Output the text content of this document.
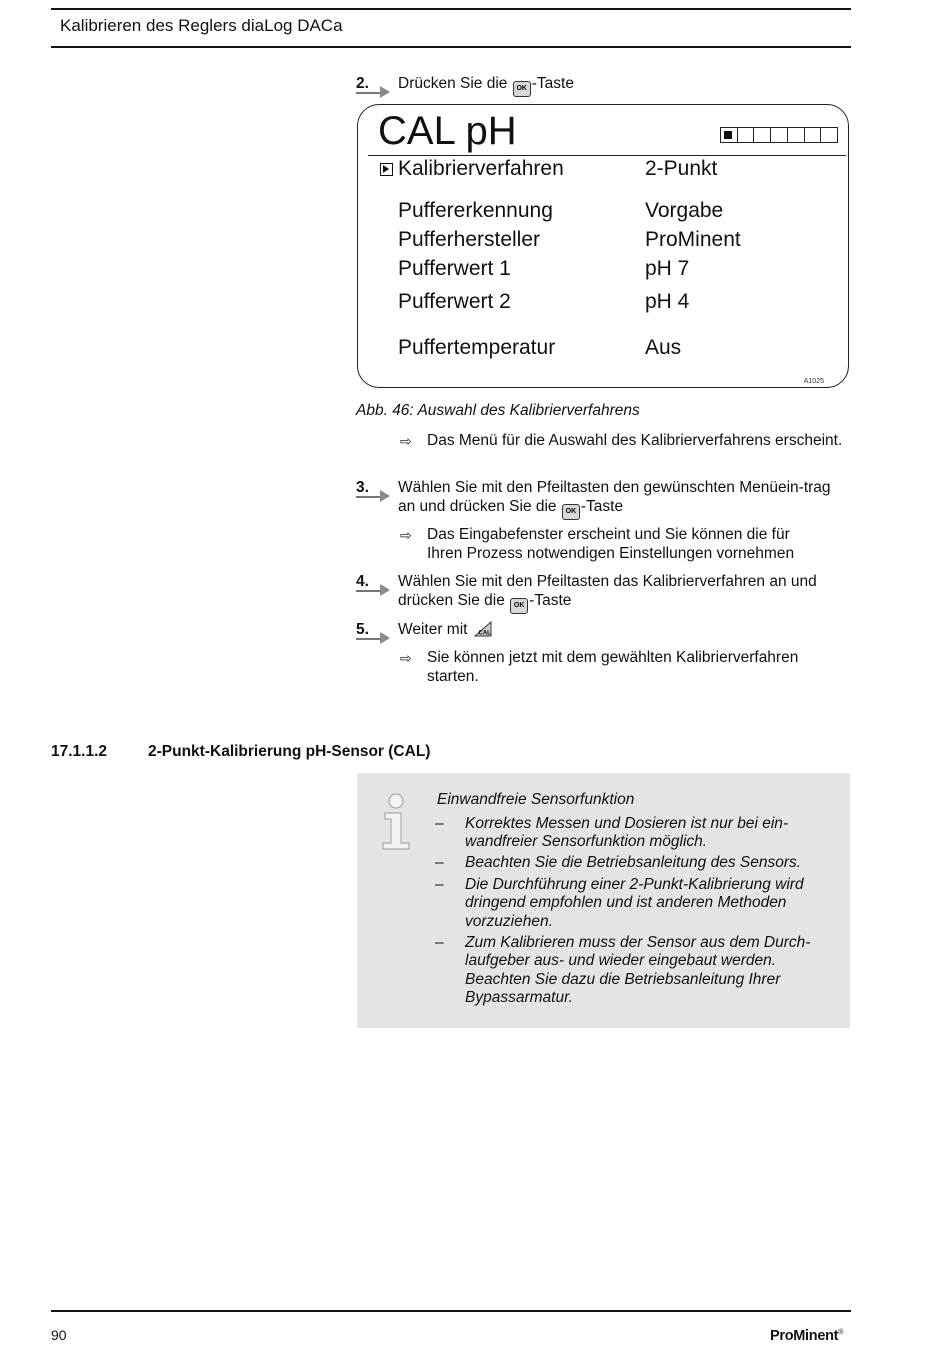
Kalibrieren des Reglers diaLog DACa
2. Drücken Sie die OK -Taste
CAL pH
Kalibrierverfahren	2-Punkt
Puffererkennung	Vorgabe
Pufferhersteller	ProMinent
Pufferwert 1	pH 7
Pufferwert 2	pH 4
Puffertemperatur	Aus
A1025
Abb. 46: Auswahl des Kalibrierverfahrens
⇨ Das Menü für die Auswahl des Kalibrierverfahrens erscheint.
3. Wählen Sie mit den Pfeiltasten den gewünschten Menüein-trag an und drücken Sie die OK -Taste
⇨ Das Eingabefenster erscheint und Sie können die für Ihren Prozess notwendigen Einstellungen vornehmen
4. Wählen Sie mit den Pfeiltasten das Kalibrierverfahren an und drücken Sie die OK -Taste
5. Weiter mit CAL
⇨ Sie können jetzt mit dem gewählten Kalibrierverfahren starten.
17.1.1.2	2-Punkt-Kalibrierung pH-Sensor (CAL)
Einwandfreie Sensorfunktion
– Korrektes Messen und Dosieren ist nur bei ein-wandfreier Sensorfunktion möglich.
– Beachten Sie die Betriebsanleitung des Sensors.
– Die Durchführung einer 2-Punkt-Kalibrierung wird dringend empfohlen und ist anderen Methoden vorzuziehen.
– Zum Kalibrieren muss der Sensor aus dem Durch-laufgeber aus- und wieder eingebaut werden. Beachten Sie dazu die Betriebsanleitung Ihrer Bypassarmatur.
90	ProMinent®
